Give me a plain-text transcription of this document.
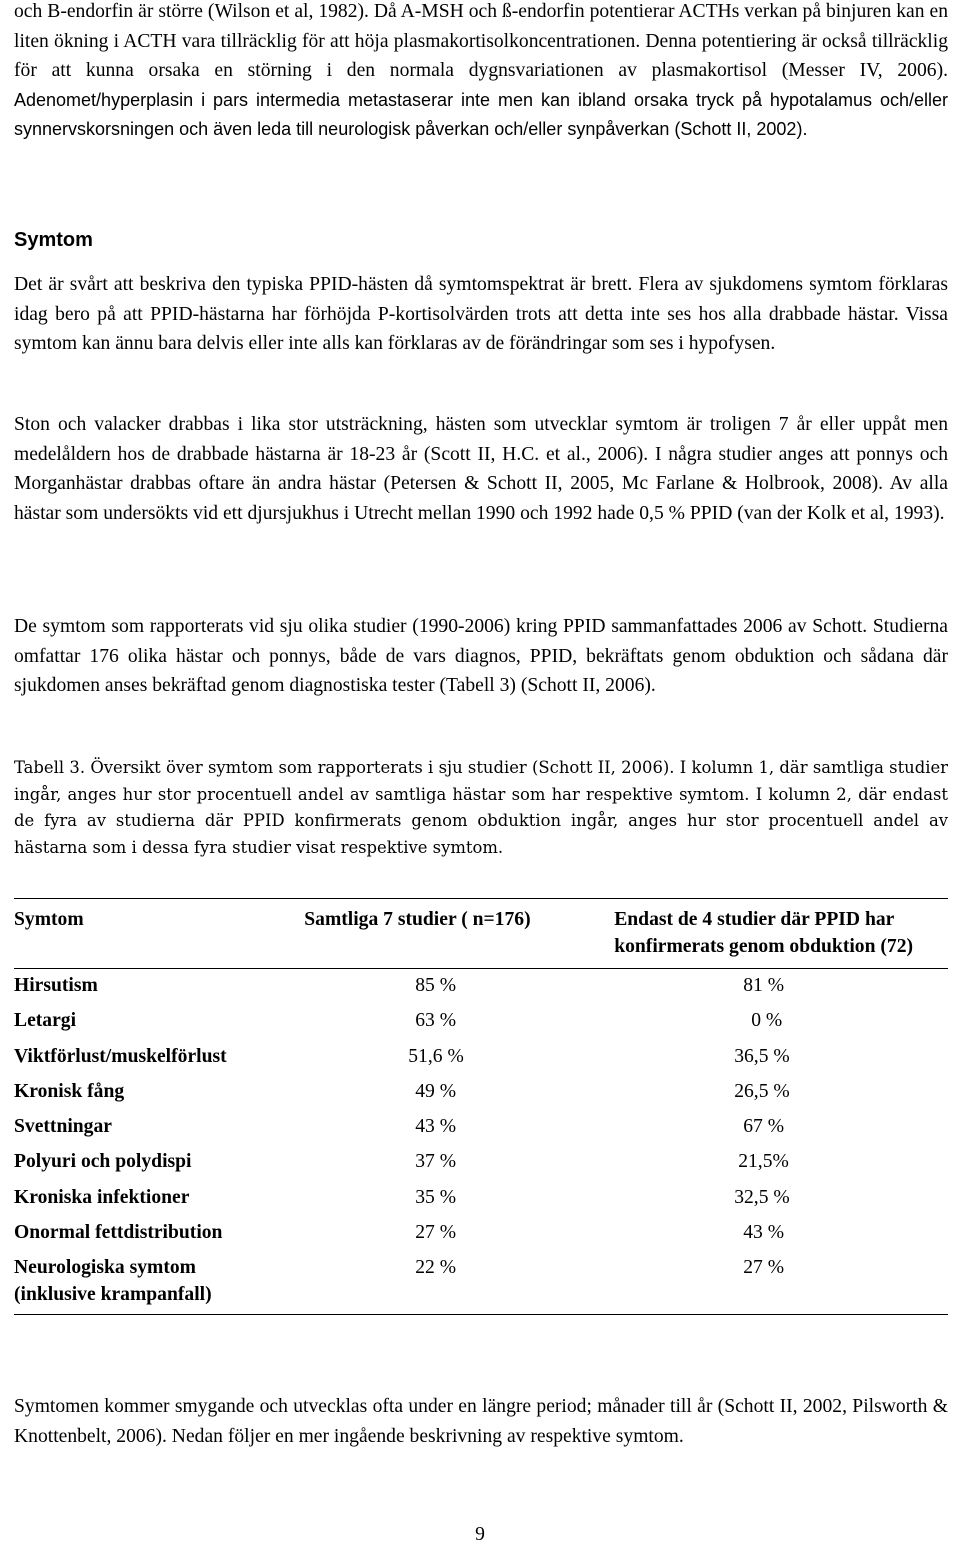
och B-endorfin är större (Wilson et al, 1982). Då A-MSH och ß-endorfin potentierar ACTHs verkan på binjuren kan en liten ökning i ACTH vara tillräcklig för att höja plasmakortisolkoncentrationen. Denna potentiering är också tillräcklig för att kunna orsaka en störning i den normala dygnsvariationen av plasmakortisol (Messer IV, 2006). Adenomet/hyperplasin i pars intermedia metastaserar inte men kan ibland orsaka tryck på hypotalamus och/eller synnervskorsningen och även leda till neurologisk påverkan och/eller synpåverkan (Schott II, 2002).

Symtom

Det är svårt att beskriva den typiska PPID-hästen då symtomspektrat är brett. Flera av sjukdomens symtom förklaras idag bero på att PPID-hästarna har förhöjda P-kortisolvärden trots att detta inte ses hos alla drabbade hästar. Vissa symtom kan ännu bara delvis eller inte alls kan förklaras av de förändringar som ses i hypofysen.

Ston och valacker drabbas i lika stor utsträckning, hästen som utvecklar symtom är troligen 7 år eller uppåt men medelåldern hos de drabbade hästarna är 18-23 år (Scott II, H.C. et al., 2006). I några studier anges att ponnys och Morganhästar drabbas oftare än andra hästar (Petersen & Schott II, 2005, Mc Farlane & Holbrook, 2008). Av alla hästar som undersökts vid ett djursjukhus i Utrecht mellan 1990 och 1992 hade 0,5 % PPID (van der Kolk et al, 1993).

De symtom som rapporterats vid sju olika studier (1990-2006) kring PPID sammanfattades 2006 av Schott. Studierna omfattar 176 olika hästar och ponnys, både de vars diagnos, PPID, bekräftats genom obduktion och sådana där sjukdomen anses bekräftad genom diagnostiska tester (Tabell 3) (Schott II, 2006).

Tabell 3. Översikt över symtom som rapporterats i sju studier (Schott II, 2006). I kolumn 1, där samtliga studier ingår, anges hur stor procentuell andel av samtliga hästar som har respektive symtom. I kolumn 2, där endast de fyra av studierna där PPID konfirmerats genom obduktion ingår, anges hur stor procentuell andel av hästarna som i dessa fyra studier visat respektive symtom.

Symtom	Samtliga 7 studier ( n=176)	Endast de 4 studier där PPID har konfirmerats genom obduktion (72)
Hirsutism	85 %	81 %
Letargi	63 %	0 %
Viktförlust/muskelförlust	51,6 %	36,5 %
Kronisk fång	49 %	26,5 %
Svettningar	43 %	67 %
Polyuri och polydispi	37 %	21,5%
Kroniska infektioner	35 %	32,5 %
Onormal fettdistribution	27 %	43 %
Neurologiska symtom (inklusive krampanfall)	22 %	27 %

Symtomen kommer smygande och utvecklas ofta under en längre period; månader till år (Schott II, 2002, Pilsworth & Knottenbelt, 2006). Nedan följer en mer ingående beskrivning av respektive symtom.

9
